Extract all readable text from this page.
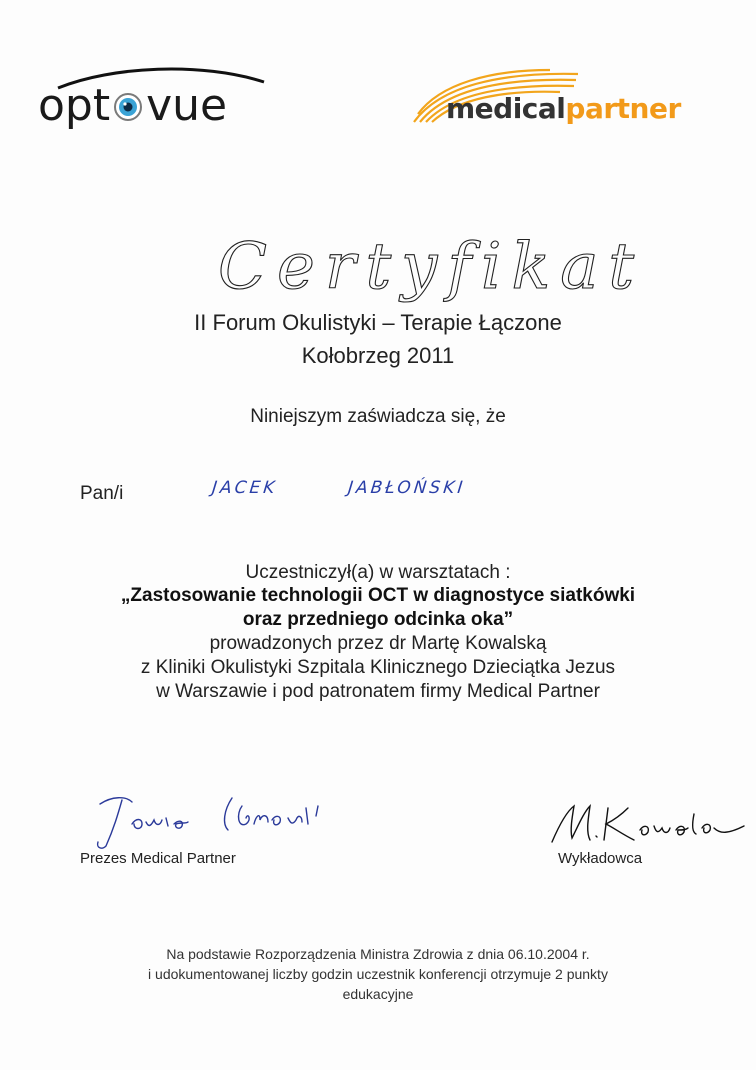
opt vue	medicalpartner
Certyfikat
II Forum Okulistyki – Terapie Łączone
Kołobrzeg 2011
Niniejszym zaświadcza się, że
Pan/i	JACEK	JABŁOŃSKI
Uczestniczył(a) w warsztatach :
„Zastosowanie technologii OCT w diagnostyce siatkówki
oraz przedniego odcinka oka”
prowadzonych przez dr Martę Kowalską
z Kliniki Okulistyki Szpitala Klinicznego Dzieciątka Jezus
w Warszawie i pod patronatem firmy Medical Partner
Prezes Medical Partner	Wykładowca
Na podstawie Rozporządzenia Ministra Zdrowia z dnia 06.10.2004 r.
i udokumentowanej liczby godzin uczestnik konferencji otrzymuje 2 punkty
edukacyjne
